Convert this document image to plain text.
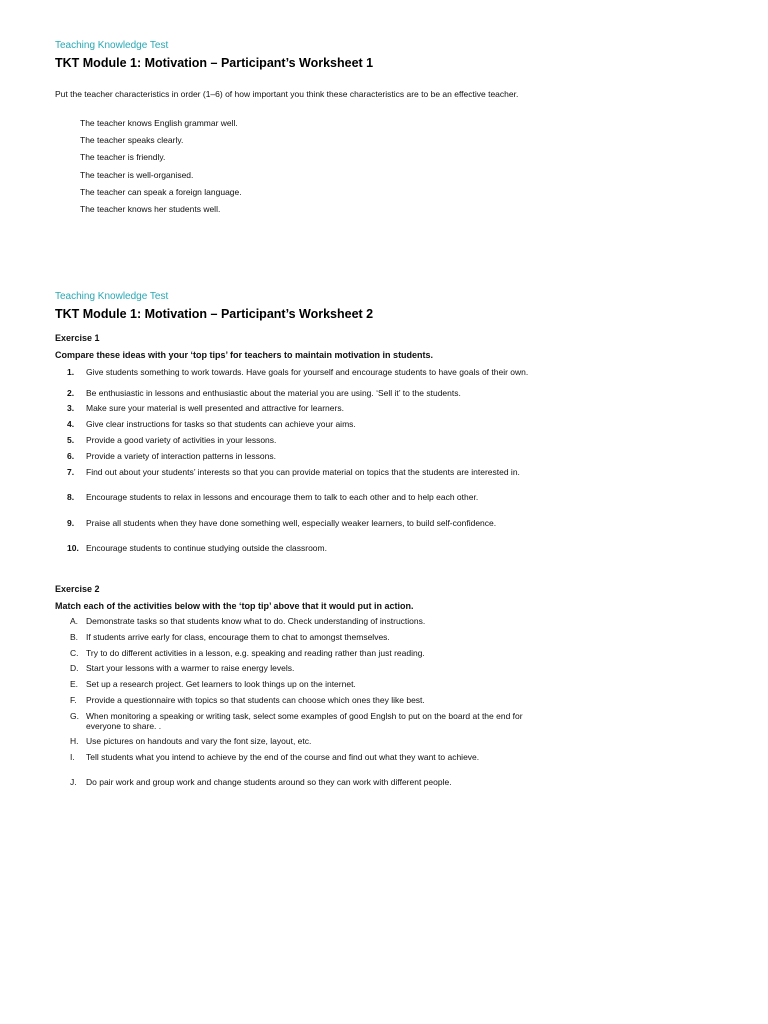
Teaching Knowledge Test
TKT Module 1: Motivation – Participant’s Worksheet 1

Put the teacher characteristics in order (1–6) of how important you think these characteristics are to be an effective teacher.

The teacher knows English grammar well.
The teacher speaks clearly.
The teacher is friendly.
The teacher is well-organised.
The teacher can speak a foreign language.
The teacher knows her students well.
Teaching Knowledge Test
TKT Module 1: Motivation – Participant’s Worksheet 2
Exercise 1
Compare these ideas with your ‘top tips’ for teachers to maintain motivation in students.
1.	Give students something to work towards. Have goals for yourself and encourage students to have goals of their own.
2.	Be enthusiastic in lessons and enthusiastic about the material you are using. ‘Sell it’ to the students.
3.	Make sure your material is well presented and attractive for learners.
4.	Give clear instructions for tasks so that students can achieve your aims.
5.	Provide a good variety of activities in your lessons.
6.	Provide a variety of interaction patterns in lessons.
7.	Find out about your students’ interests so that you can provide material on topics that the students are interested in.
8.	Encourage students to relax in lessons and encourage them to talk to each other and to help each other.
9.	Praise all students when they have done something well, especially weaker learners, to build self-confidence.
10. Encourage students to continue studying outside the classroom.
Exercise 2
Match each of the activities below with the ‘top tip’ above that it would put in action.
A. Demonstrate tasks so that students know what to do. Check understanding of instructions.
B. If students arrive early for class, encourage them to chat to amongst themselves.
C. Try to do different activities in a lesson, e.g. speaking and reading rather than just reading.
D. Start your lessons with a warmer to raise energy levels.
E. Set up a research project. Get learners to look things up on the internet.
F.	Provide a questionnaire with topics so that students can choose which ones they like best.
G. When monitoring a speaking or writing task, select some examples of good Englsh to put on the board at the end for everyone to share. .
H. Use pictures on handouts and vary the font size, layout, etc.
I.	Tell students what you intend to achieve by the end of the course and find out what they want to achieve.
J.	Do pair work and group work and change students around so they can work with different people.
